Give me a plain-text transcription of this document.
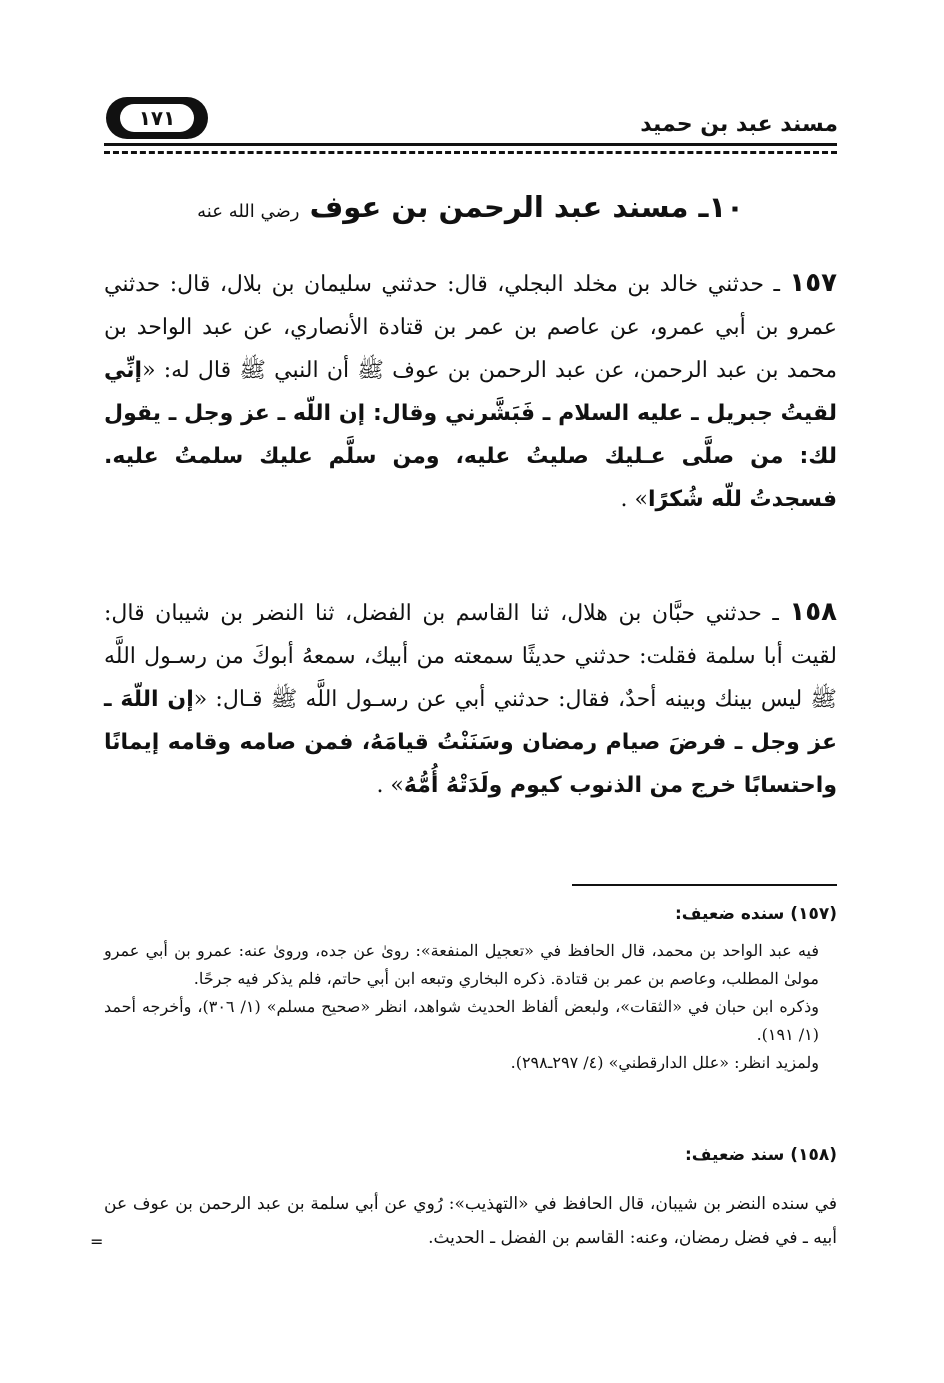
مسند عبد بن حميد
١٧١
١٠ـ مسند عبد الرحمن بن عوف رضي الله عنه
١٥٧ ـ حدثني خالد بن مخلد البجلي، قال: حدثني سليمان بن بلال، قال: حدثني عمرو بن أبي عمرو، عن عاصم بن عمر بن قتادة الأنصاري، عن عبد الواحد بن محمد بن عبد الرحمن، عن عبد الرحمن بن عوف ﷺ أن النبي ﷺ قال له: «إنِّي لقيتُ جبريل ـ عليه السلام ـ فَبَشَّرني وقال: إن اللّه ـ عز وجل ـ يقول لك: من صلَّى عـليك صليتُ عليه، ومن سلَّم عليك سلمتُ عليه. فسجدتُ للّه شُكرًا» .
١٥٨ ـ حدثني حبَّان بن هلال، ثنا القاسم بن الفضل، ثنا النضر بن شيبان قال: لقيت أبا سلمة فقلت: حدثني حديثًا سمعته من أبيك، سمعهُ أبوكَ من رسـول اللَّه ﷺ ليس بينك وبينه أحدٌ، فقال: حدثني أبي عن رسـول اللَّه ﷺ قـال: «إن اللّهَ ـ عز وجل ـ فرضَ صيام رمضان وسَنَنْتُ قيامَهُ، فمن صامه وقامه إيمانًا واحتسابًا خرج من الذنوب كيوم ولَدَتْهُ أُمُّهُ» .
(١٥٧) سنده ضعيف:

فيه عبد الواحد بن محمد، قال الحافظ في «تعجيل المنفعة»: روىٰ عن جده، وروىٰ عنه: عمرو بن أبي عمرو مولىٰ المطلب، وعاصم بن عمر بن قتادة. ذكره البخاري وتبعه ابن أبي حاتم، فلم يذكر فيه جرحًا.

وذكره ابن حبان في «الثقات»، ولبعض ألفاظ الحديث شواهد، انظر «صحيح مسلم» (١/ ٣٠٦)، وأخرجه أحمد (١/ ١٩١).

ولمزيد انظر: «علل الدارقطني» (٤/ ٢٩٧ـ٢٩٨).

(١٥٨) سند ضعيف:
في سنده النضر بن شيبان، قال الحافظ في «التهذيب»: رُوي عن أبي سلمة بن عبد الرحمن بن عوف عن أبيه ـ في فضل رمضان، وعنه: القاسم بن الفضل ـ الحديث.
=
